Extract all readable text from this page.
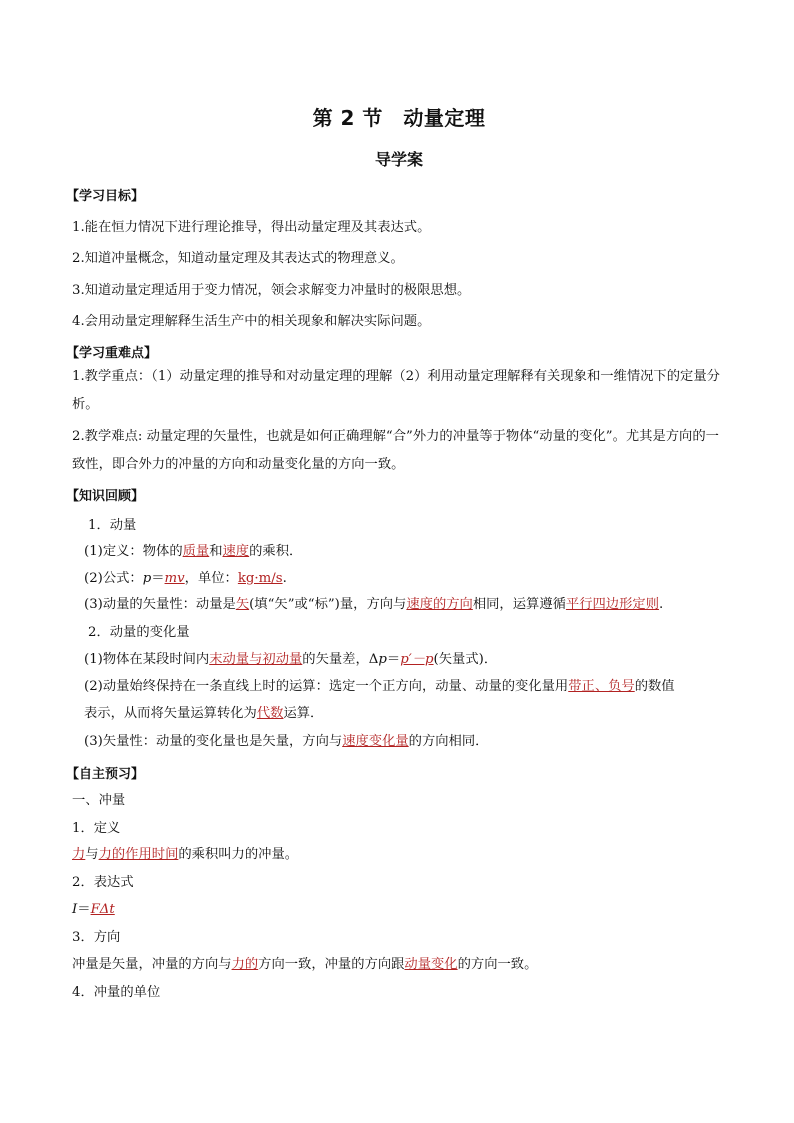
第 2 节　动量定理
导学案
【学习目标】
1.能在恒力情况下进行理论推导，得出动量定理及其表达式。
2.知道冲量概念，知道动量定理及其表达式的物理意义。
3.知道动量定理适用于变力情况，领会求解变力冲量时的极限思想。
4.会用动量定理解释生活生产中的相关现象和解决实际问题。
【学习重难点】
1.教学重点：（1）动量定理的推导和对动量定理的理解（2）利用动量定理解释有关现象和一维情况下的定量分析。
2.教学难点: 动量定理的矢量性，也就是如何正确理解“合”外力的冲量等于物体“动量的变化”。尤其是方向的一致性，即合外力的冲量的方向和动量变化量的方向一致。
【知识回顾】
1．动量
(1)定义：物体的质量和速度的乘积．
(2)公式：p＝mv，单位：kg·m/s.
(3)动量的矢量性：动量是矢(填“矢”或“标”)量，方向与速度的方向相同，运算遵循平行四边形定则.
2．动量的变化量
(1)物体在某段时间内末动量与初动量的矢量差，Δp＝p′－p(矢量式)．
(2)动量始终保持在一条直线上时的运算：选定一个正方向，动量、动量的变化量用带正、负号的数值
表示，从而将矢量运算转化为代数运算．
(3)矢量性：动量的变化量也是矢量，方向与速度变化量的方向相同．
【自主预习】
一、冲量
1．定义
力与力的作用时间的乘积叫力的冲量。
2．表达式
I＝FΔt
3．方向
冲量是矢量，冲量的方向与力的方向一致，冲量的方向跟动量变化的方向一致。
4．冲量的单位
